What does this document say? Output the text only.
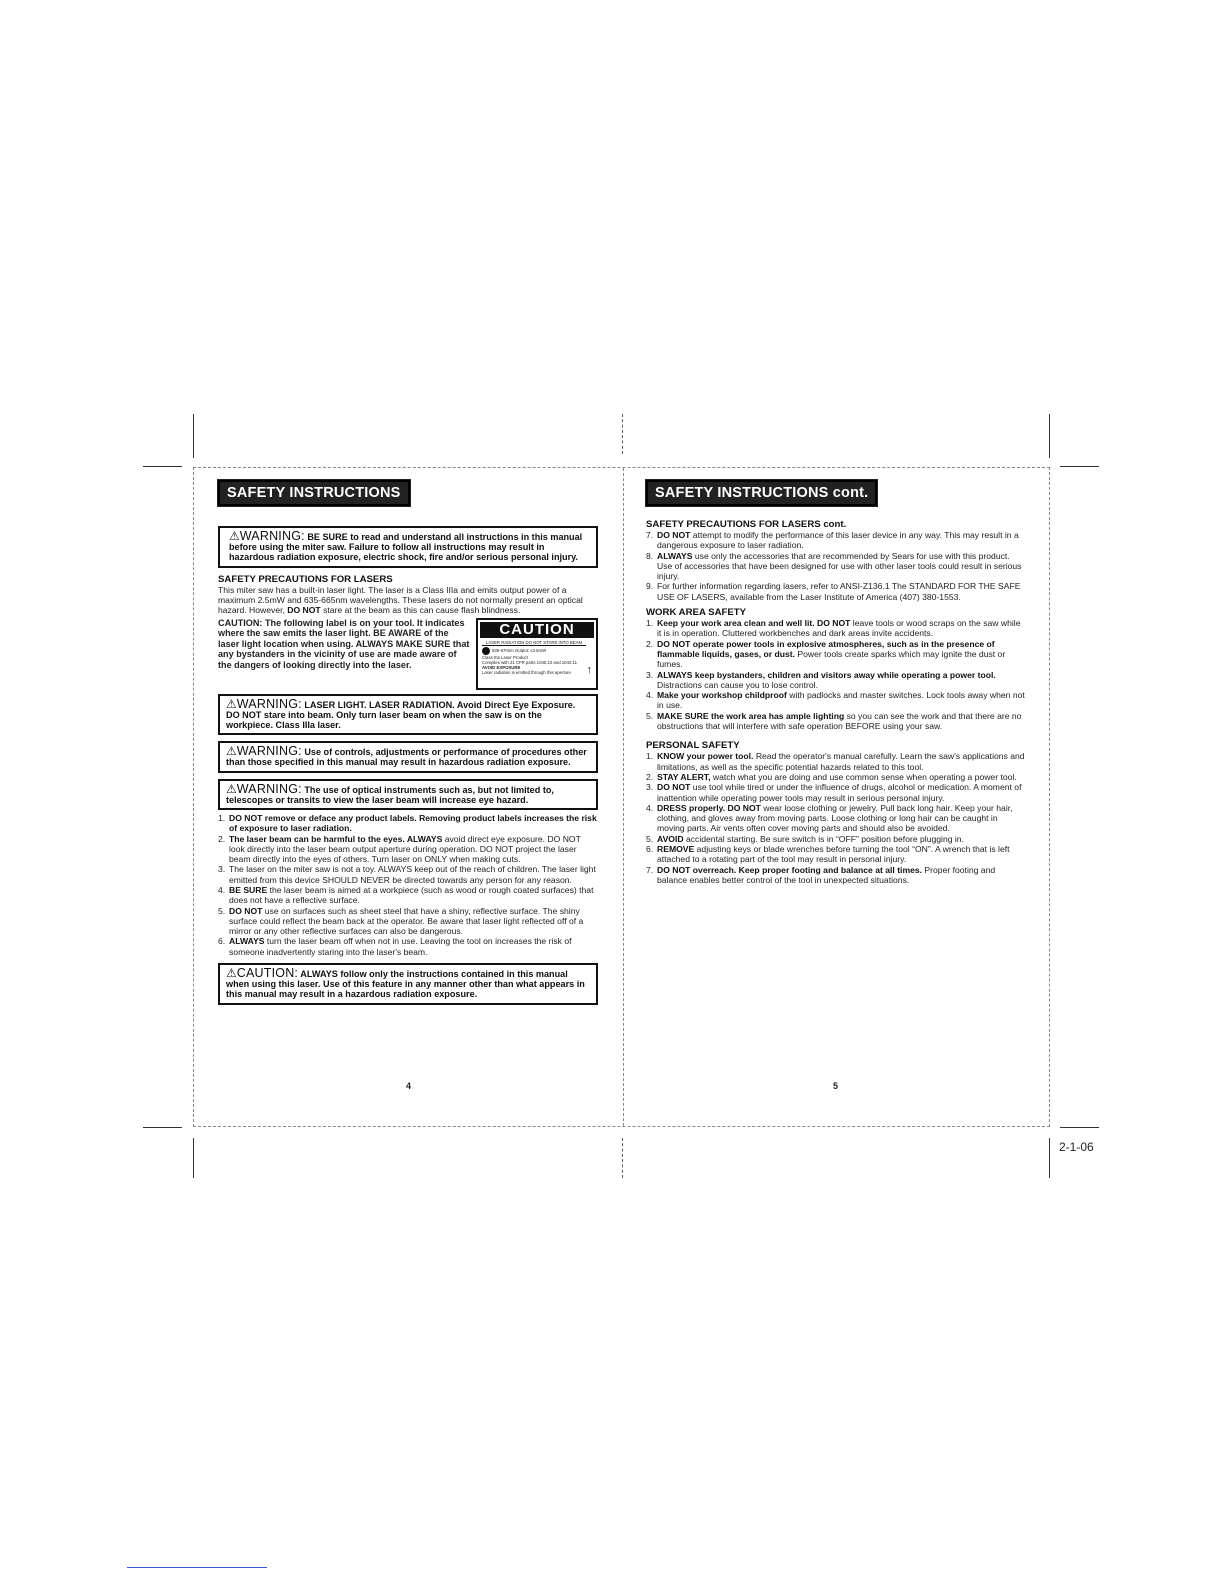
SAFETY INSTRUCTIONS
⚠WARNING: BE SURE to read and understand all instructions in this manual before using the miter saw. Failure to follow all instructions may result in hazardous radiation exposure, electric shock, fire and/or serious personal injury.
SAFETY PRECAUTIONS FOR LASERS

This miter saw has a built-in laser light. The laser is a Class IIIa and emits output power of a maximum 2.5mW and 635-665nm wavelengths. These lasers do not normally present an optical hazard. However, DO NOT stare at the beam as this can cause flash blindness.

CAUTION
LASER RADIATION DO NOT STARE INTO BEAM
635-670nm Output: ≤2.5mW
Class IIIa Laser Product
Complies with 21 CFR parts 1040.10 and 1040.11
AVOID EXPOSURE
Laser radiation is emitted through this aperture	↑

CAUTION: The following label is on your tool. It indicates where the saw emits the laser light. BE AWARE of the laser light location when using. ALWAYS MAKE SURE that any bystanders in the vicinity of use are made aware of the dangers of looking directly into the laser.

⚠WARNING: LASER LIGHT. LASER RADIATION. Avoid Direct Eye Exposure. DO NOT stare into beam. Only turn laser beam on when the saw is on the workpiece. Class IIIa laser.
⚠WARNING: Use of controls, adjustments or performance of procedures other than those specified in this manual may result in hazardous radiation exposure.
⚠WARNING: The use of optical instruments such as, but not limited to, telescopes or transits to view the laser beam will increase eye hazard.
1. DO NOT remove or deface any product labels. Removing product labels increases the risk of exposure to laser radiation.
2. The laser beam can be harmful to the eyes. ALWAYS avoid direct eye exposure. DO NOT look directly into the laser beam output aperture during operation. DO NOT project the laser beam directly into the eyes of others. Turn laser on ONLY when making cuts.
3. The laser on the miter saw is not a toy. ALWAYS keep out of the reach of children. The laser light emitted from this device SHOULD NEVER be directed towards any person for any reason.
4. BE SURE the laser beam is aimed at a workpiece (such as wood or rough coated surfaces) that does not have a reflective surface.
5. DO NOT use on surfaces such as sheet steel that have a shiny, reflective surface. The shiny surface could reflect the beam back at the operator. Be aware that laser light reflected off of a mirror or any other reflective surfaces can also be dangerous.
6. ALWAYS turn the laser beam off when not in use. Leaving the tool on increases the risk of someone inadvertently staring into the laser's beam.
⚠CAUTION: ALWAYS follow only the instructions contained in this manual when using this laser. Use of this feature in any manner other than what appears in this manual may result in a hazardous radiation exposure.
4
SAFETY INSTRUCTIONS cont.
SAFETY PRECAUTIONS FOR LASERS cont.
7. DO NOT attempt to modify the performance of this laser device in any way. This may result in a dangerous exposure to laser radiation.
8. ALWAYS use only the accessories that are recommended by Sears for use with this product. Use of accessories that have been designed for use with other laser tools could result in serious injury.
9. For further information regarding lasers, refer to ANSI-Z136.1 The STANDARD FOR THE SAFE USE OF LASERS, available from the Laser Institute of America (407) 380-1553.
WORK AREA SAFETY
1. Keep your work area clean and well lit. DO NOT leave tools or wood scraps on the saw while it is in operation. Cluttered workbenches and dark areas invite accidents.
2. DO NOT operate power tools in explosive atmospheres, such as in the presence of flammable liquids, gases, or dust. Power tools create sparks which may ignite the dust or fumes.
3. ALWAYS keep bystanders, children and visitors away while operating a power tool. Distractions can cause you to lose control.
4. Make your workshop childproof with padlocks and master switches. Lock tools away when not in use.
5. MAKE SURE the work area has ample lighting so you can see the work and that there are no obstructions that will interfere with safe operation BEFORE using your saw.
PERSONAL SAFETY
1. KNOW your power tool. Read the operator's manual carefully. Learn the saw's applications and limitations, as well as the specific potential hazards related to this tool.
2. STAY ALERT, watch what you are doing and use common sense when operating a power tool.
3. DO NOT use tool while tired or under the influence of drugs, alcohol or medication. A moment of inattention while operating power tools may result in serious personal injury.
4. DRESS properly. DO NOT wear loose clothing or jewelry. Pull back long hair. Keep your hair, clothing, and gloves away from moving parts. Loose clothing or long hair can be caught in moving parts. Air vents often cover moving parts and should also be avoided.
5. AVOID accidental starting. Be sure switch is in “OFF” position before plugging in.
6. REMOVE adjusting keys or blade wrenches before turning the tool “ON”. A wrench that is left attached to a rotating part of the tool may result in personal injury.
7. DO NOT overreach. Keep proper footing and balance at all times. Proper footing and balance enables better control of the tool in unexpected situations.
5
2-1-06
